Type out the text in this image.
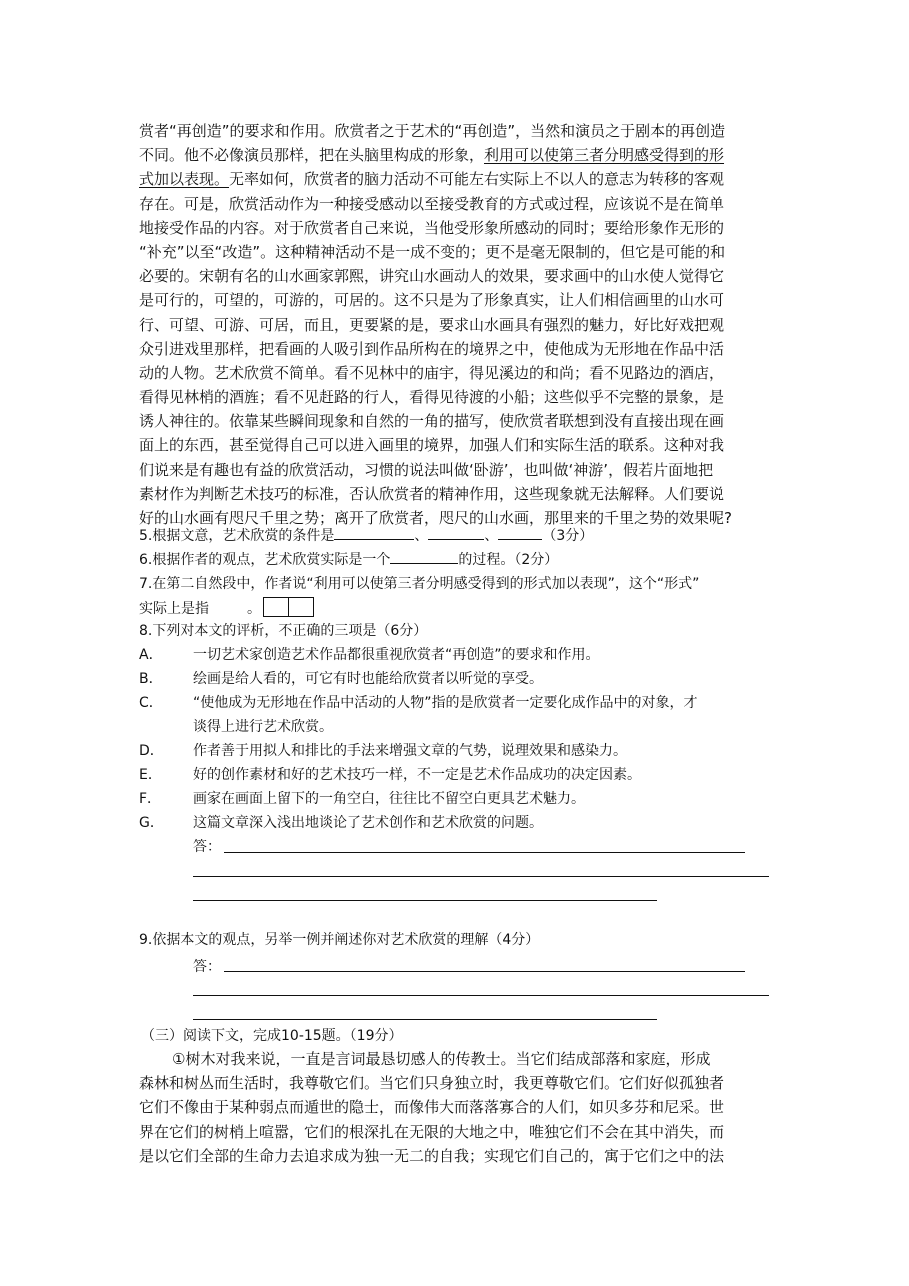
赏者“再创造”的要求和作用。欣赏者之于艺术的“再创造”，当然和演员之于剧本的再创造
不同。他不必像演员那样，把在头脑里构成的形象，利用可以使第三者分明感受得到的形
式加以表现。无率如何，欣赏者的脑力活动不可能左右实际上不以人的意志为转移的客观
存在。可是，欣赏活动作为一种接受感动以至接受教育的方式或过程，应该说不是在简单
地接受作品的内容。对于欣赏者自己来说，当他受形象所感动的同时；要给形象作无形的
“补充”以至“改造”。这种精神活动不是一成不变的；更不是毫无限制的，但它是可能的和
必要的。宋朝有名的山水画家郭熙，讲究山水画动人的效果，要求画中的山水使人觉得它
是可行的，可望的，可游的，可居的。这不只是为了形象真实，让人们相信画里的山水可
行、可望、可游、可居，而且，更要紧的是，要求山水画具有强烈的魅力，好比好戏把观
众引进戏里那样，把看画的人吸引到作品所构在的境界之中，使他成为无形地在作品中活
动的人物。艺术欣赏不简单。看不见林中的庙宇，得见溪边的和尚；看不见路边的酒店，
看得见林梢的酒旌；看不见赶路的行人，看得见待渡的小船；这些似乎不完整的景象，是
诱人神往的。依靠某些瞬间现象和自然的一角的描写，使欣赏者联想到没有直接出现在画
面上的东西，甚至觉得自己可以进入画里的境界，加强人们和实际生活的联系。这种对我
们说来是有趣也有益的欣赏活动，习惯的说法叫做‘卧游’，也叫做‘神游’，假若片面地把
素材作为判断艺术技巧的标准，否认欣赏者的精神作用，这些现象就无法解释。人们要说
好的山水画有咫尺千里之势；离开了欣赏者，咫尺的山水画，那里来的千里之势的效果呢?
5.根据文意，艺术欣赏的条件是	、	、	（3分）
6.根据作者的观点，艺术欣赏实际是一个	的过程。（2分）
7.在第二自然段中，作者说“利用可以使第三者分明感受得到的形式加以表现”，这个“形式”
实际上是指	。
8.下列对本文的评析，不正确的三项是（6分）
A． 一切艺术家创造艺术作品都很重视欣赏者“再创造”的要求和作用。
B． 绘画是给人看的，可它有时也能给欣赏者以听觉的享受。
C． “使他成为无形地在作品中活动的人物”指的是欣赏者一定要化成作品中的对象，才
谈得上进行艺术欣赏。
D． 作者善于用拟人和排比的手法来增强文章的气势，说理效果和感染力。
E． 好的创作素材和好的艺术技巧一样，不一定是艺术作品成功的决定因素。
F． 画家在画面上留下的一角空白，往往比不留空白更具艺术魅力。
G． 这篇文章深入浅出地谈论了艺术创作和艺术欣赏的问题。
答：
9.依据本文的观点，另举一例并阐述你对艺术欣赏的理解（4分）
答：
（三）阅读下文，完成10-15题。（19分）
①树木对我来说，一直是言词最恳切感人的传教士。当它们结成部落和家庭，形成
森林和树丛而生活时，我尊敬它们。当它们只身独立时，我更尊敬它们。它们好似孤独者
它们不像由于某种弱点而遁世的隐士，而像伟大而落落寡合的人们，如贝多芬和尼采。世
界在它们的树梢上喧嚣，它们的根深扎在无限的大地之中，唯独它们不会在其中消失，而
是以它们全部的生命力去追求成为独一无二的自我；实现它们自己的，寓于它们之中的法
